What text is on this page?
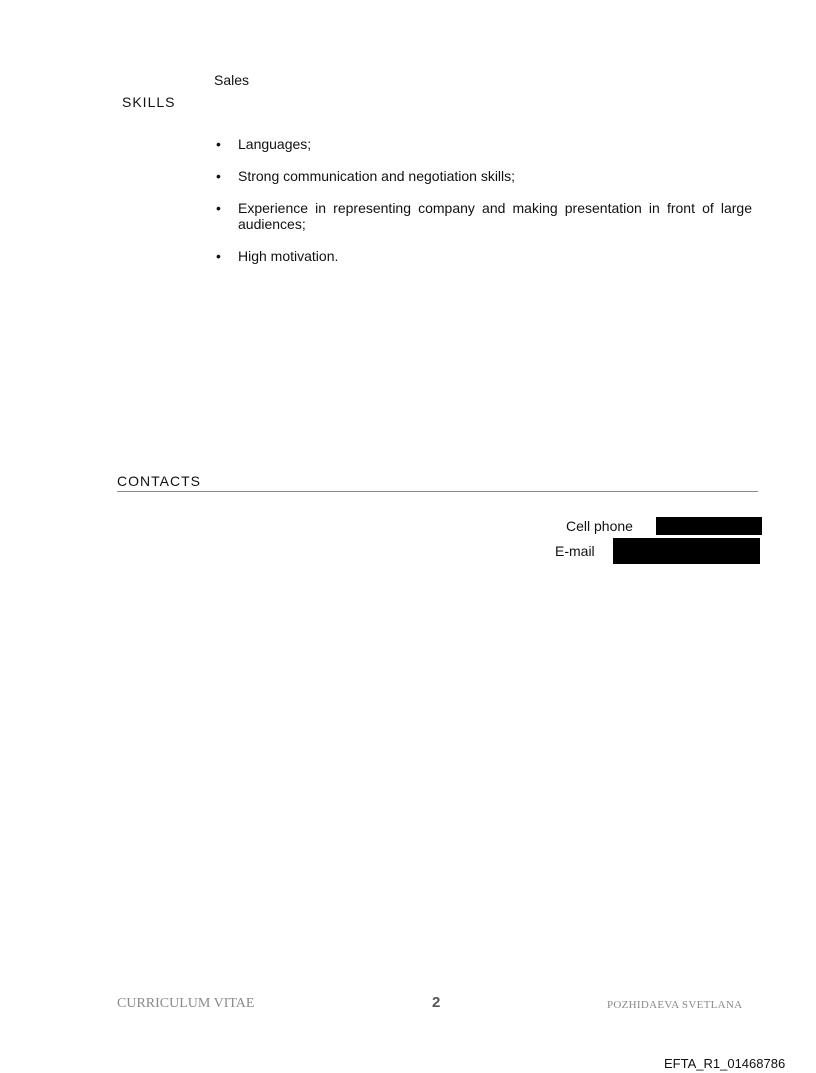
Sales
SKILLS
•	Languages;
•	Strong communication and negotiation skills;
•	Experience in representing company and making presentation in front of large audiences;
•	High motivation.
CONTACTS
Cell phone
E-mail
CURRICULUM VITAE	2	POZHIDAEVA SVETLANA
EFTA_R1_01468786
